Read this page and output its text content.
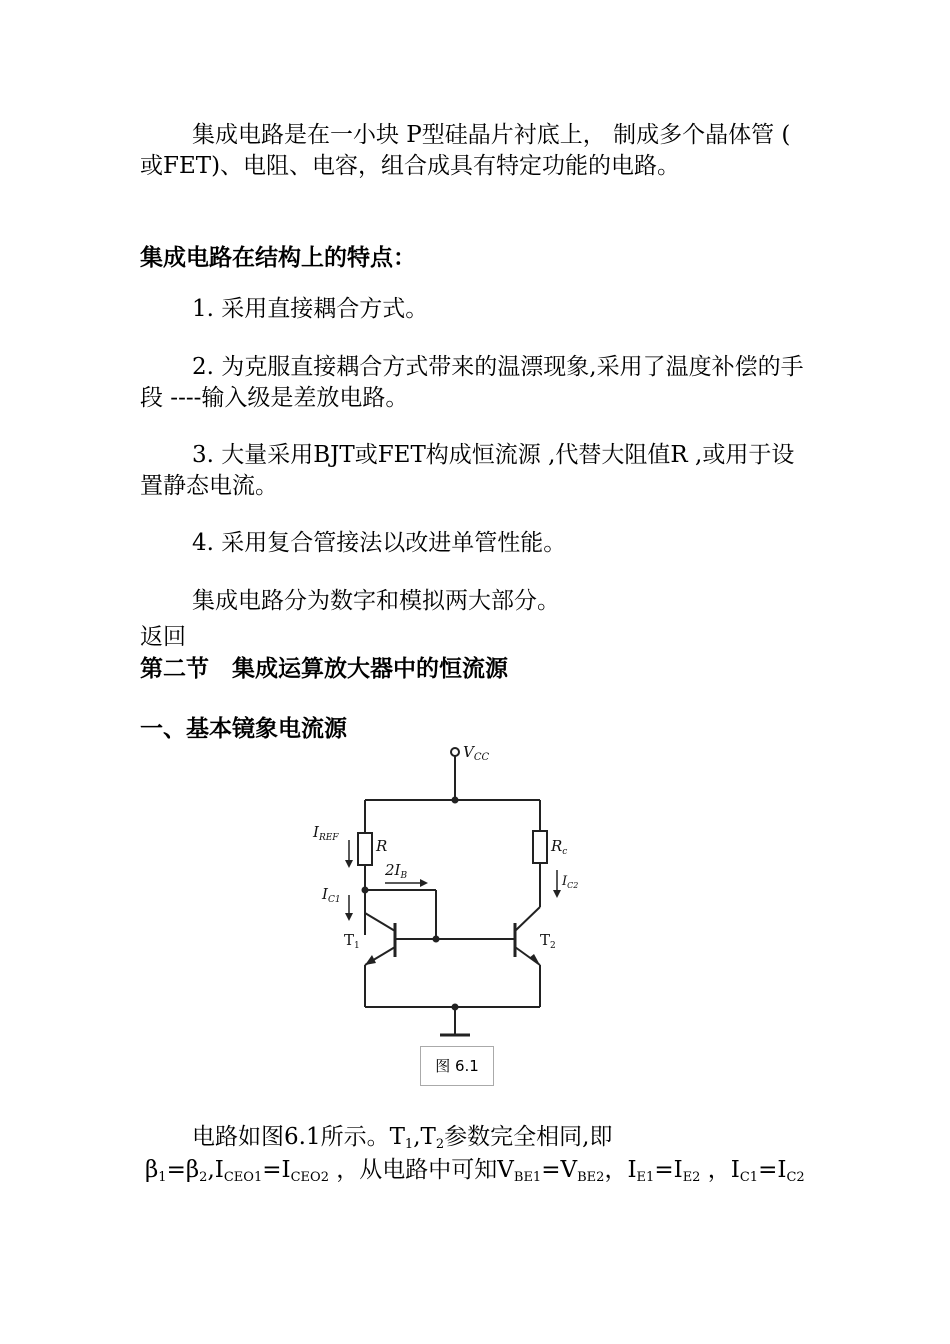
集成电路是在一小块 P型硅晶片衬底上， 制成多个晶体管 ( 或FET)、电阻、电容，组合成具有特定功能的电路。

集成电路在结构上的特点：

1. 采用直接耦合方式。

2. 为克服直接耦合方式带来的温漂现象,采用了温度补偿的手段 ----输入级是差放电路。

3. 大量采用BJT或FET构成恒流源 ,代替大阻值R ,或用于设置静态电流。

4. 采用复合管接法以改进单管性能。

集成电路分为数字和模拟两大部分。

返回

第二节　集成运算放大器中的恒流源

一、基本镜象电流源

$V_{CC}$
$I_{REF}$ R	$R_c$
$2I_B$
$I_{C1}$
$I_{C2}$
$T_1$	$T_2$
图 6.1

电路如图6.1所示。$T_1,T_2$参数完全相同,即

$\beta_1=\beta_2,I_{CEO1}=I_{CEO2}$ ，从电路中可知$V_{BE1}=V_{BE2}$，$I_{E1}=I_{E2}$ ，$I_{C1}=I_{C2}$
